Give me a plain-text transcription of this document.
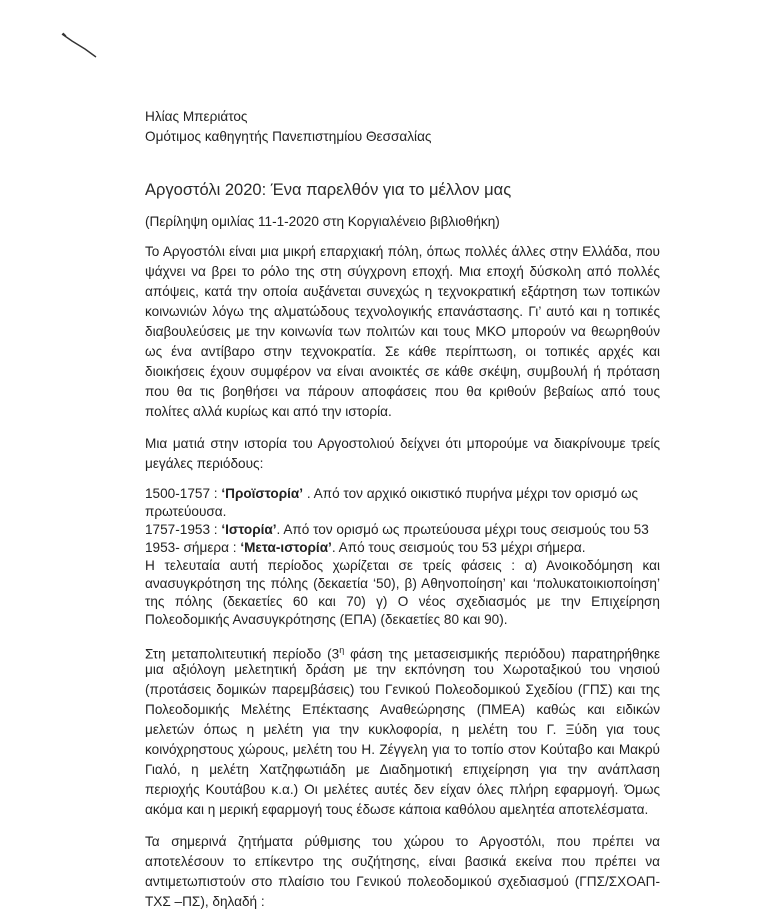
Ηλίας Μπεριάτος
Ομότιμος καθηγητής Πανεπιστημίου Θεσσαλίας
Αργοστόλι 2020: Ένα παρελθόν για το μέλλον μας
(Περίληψη ομιλίας 11-1-2020 στη Κοργιαλένειο βιβλιοθήκη)
Το Αργοστόλι είναι μια μικρή επαρχιακή πόλη, όπως πολλές άλλες στην Ελλάδα, που
ψάχνει να βρει το ρόλο της στη σύγχρονη εποχή. Μια εποχή δύσκολη από πολλές
απόψεις, κατά την οποία αυξάνεται συνεχώς η τεχνοκρατική εξάρτηση των τοπικών
κοινωνιών λόγω της αλματώδους τεχνολογικής επανάστασης. Γι’ αυτό και η τοπικές
διαβουλεύσεις με την κοινωνία των πολιτών και τους ΜΚΟ μπορούν να θεωρηθούν
ως ένα αντίβαρο στην τεχνοκρατία. Σε κάθε περίπτωση, οι τοπικές αρχές και
διοικήσεις έχουν συμφέρον να είναι ανοικτές σε κάθε σκέψη, συμβουλή ή πρόταση
που θα τις βοηθήσει να πάρουν αποφάσεις που θα κριθούν βεβαίως από τους
πολίτες αλλά κυρίως και από την ιστορία.
Μια ματιά στην ιστορία του Αργοστολιού δείχνει ότι μπορούμε να διακρίνουμε τρείς
μεγάλες περιόδους:
1500-1757 : ‘Προϊστορία’ . Από τον αρχικό οικιστικό πυρήνα μέχρι τον ορισμό ως
πρωτεύουσα.
1757-1953 : ‘Ιστορία’. Από τον ορισμό ως πρωτεύουσα μέχρι τους σεισμούς του 53
1953- σήμερα : ‘Μετα-ιστορία’. Από τους σεισμούς του 53 μέχρι σήμερα.
Η τελευταία αυτή περίοδος χωρίζεται σε τρείς φάσεις : α) Ανοικοδόμηση και
ανασυγκρότηση της πόλης (δεκαετία ‘50), β) Αθηνοποίηση’ και ‘πολυκατοικιοποίηση’
της πόλης (δεκαετίες 60 και 70) γ) Ο νέος σχεδιασμός με την Επιχείρηση
Πολεοδομικής Ανασυγκρότησης (ΕΠΑ) (δεκαετίες 80 και 90).
Στη μεταπολιτευτική περίοδο ($3^\eta$ φάση της μετασεισμικής περιόδου) παρατηρήθηκε
μια αξιόλογη μελετητική δράση με την εκπόνηση του Χωροταξικού του νησιού
(προτάσεις δομικών παρεμβάσεις) του Γενικού Πολεοδομικού Σχεδίου (ΓΠΣ) και της
Πολεοδομικής Μελέτης Επέκτασης Αναθεώρησης (ΠΜΕΑ) καθώς και ειδικών
μελετών όπως η μελέτη για την κυκλοφορία, η μελέτη του Γ. Ξύδη για τους
κοινόχρηστους χώρους, μελέτη του Η. Ζέγγελη για το τοπίο στον Κούταβο και Μακρύ
Γιαλό, η μελέτη Χατζηφωτιάδη με Διαδημοτική επιχείρηση για την ανάπλαση
περιοχής Κουτάβου κ.α.) Οι μελέτες αυτές δεν είχαν όλες πλήρη εφαρμογή. Όμως
ακόμα και η μερική εφαρμογή τους έδωσε κάποια καθόλου αμελητέα αποτελέσματα.
Τα σημερινά ζητήματα ρύθμισης του χώρου το Αργοστόλι, που πρέπει να
αποτελέσουν το επίκεντρο της συζήτησης, είναι βασικά εκείνα που πρέπει να
αντιμετωπιστούν στο πλαίσιο του Γενικού πολεοδομικού σχεδιασμού (ΓΠΣ/ΣΧΟΑΠ-
ΤΧΣ –ΠΣ), δηλαδή :
